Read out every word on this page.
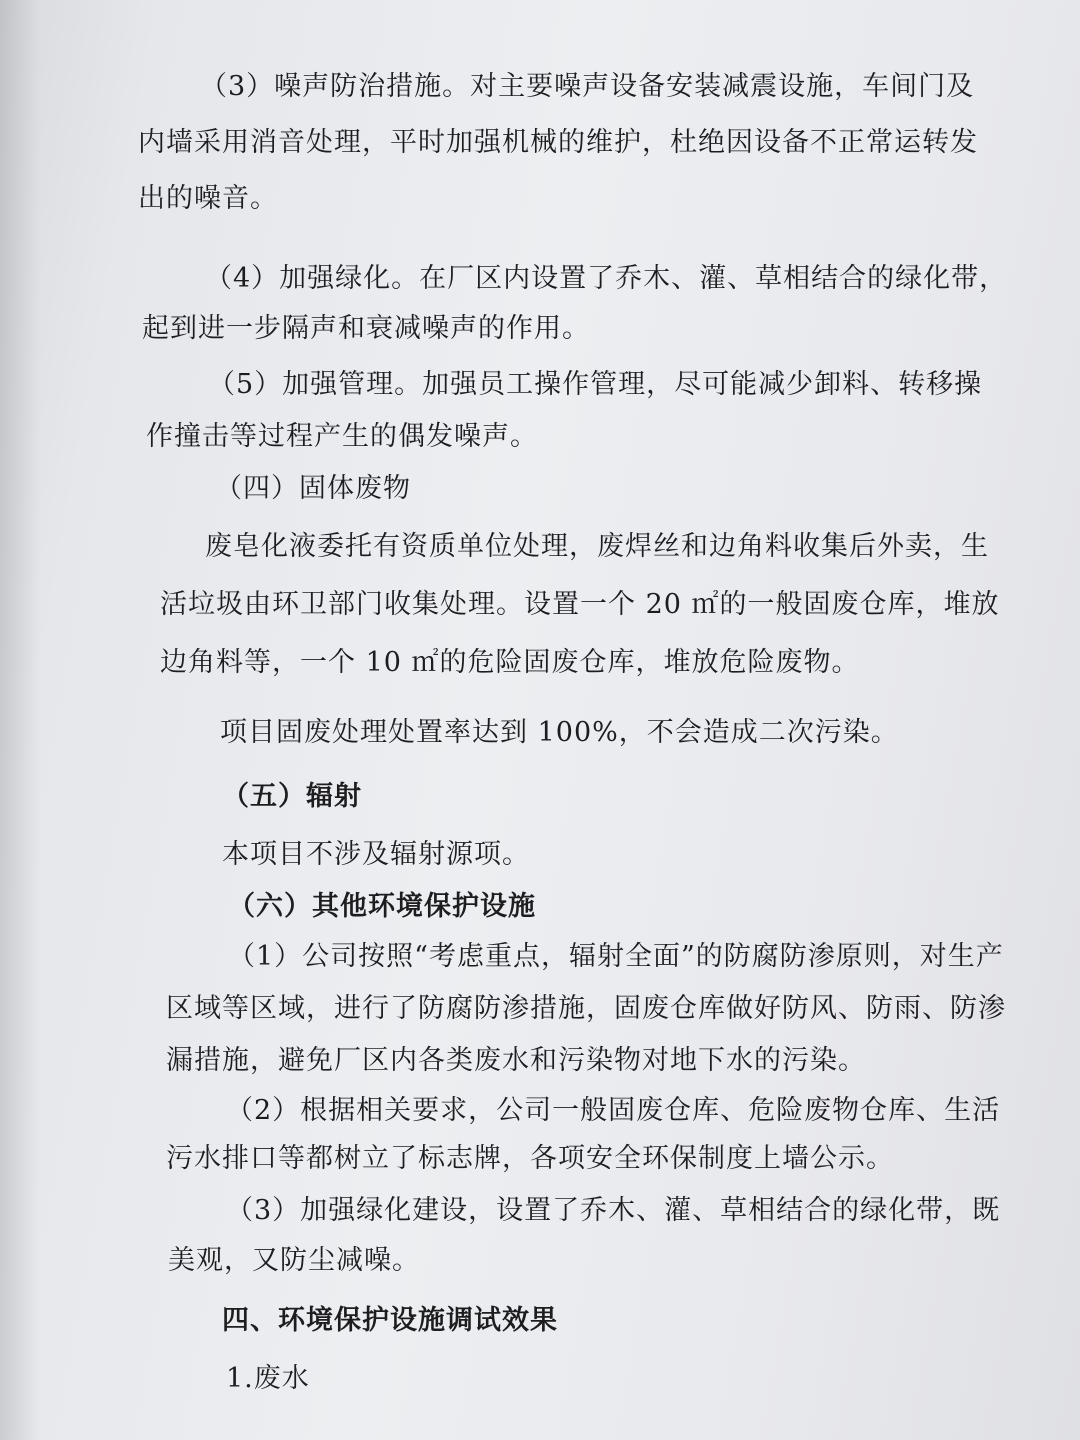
（3）噪声防治措施。对主要噪声设备安装减震设施，车间门及
内墙采用消音处理，平时加强机械的维护，杜绝因设备不正常运转发
出的噪音。
（4）加强绿化。在厂区内设置了乔木、灌、草相结合的绿化带，
起到进一步隔声和衰减噪声的作用。
（5）加强管理。加强员工操作管理，尽可能减少卸料、转移操
作撞击等过程产生的偶发噪声。
（四）固体废物
废皂化液委托有资质单位处理，废焊丝和边角料收集后外卖，生
活垃圾由环卫部门收集处理。设置一个 20 ㎡的一般固废仓库，堆放
边角料等，一个 10 ㎡的危险固废仓库，堆放危险废物。
项目固废处理处置率达到 100%，不会造成二次污染。
（五）辐射
本项目不涉及辐射源项。
（六）其他环境保护设施
（1）公司按照“考虑重点，辐射全面”的防腐防渗原则，对生产
区域等区域，进行了防腐防渗措施，固废仓库做好防风、防雨、防渗
漏措施，避免厂区内各类废水和污染物对地下水的污染。
（2）根据相关要求，公司一般固废仓库、危险废物仓库、生活
污水排口等都树立了标志牌，各项安全环保制度上墙公示。
（3）加强绿化建设，设置了乔木、灌、草相结合的绿化带，既
美观，又防尘减噪。
四、环境保护设施调试效果
1.废水
